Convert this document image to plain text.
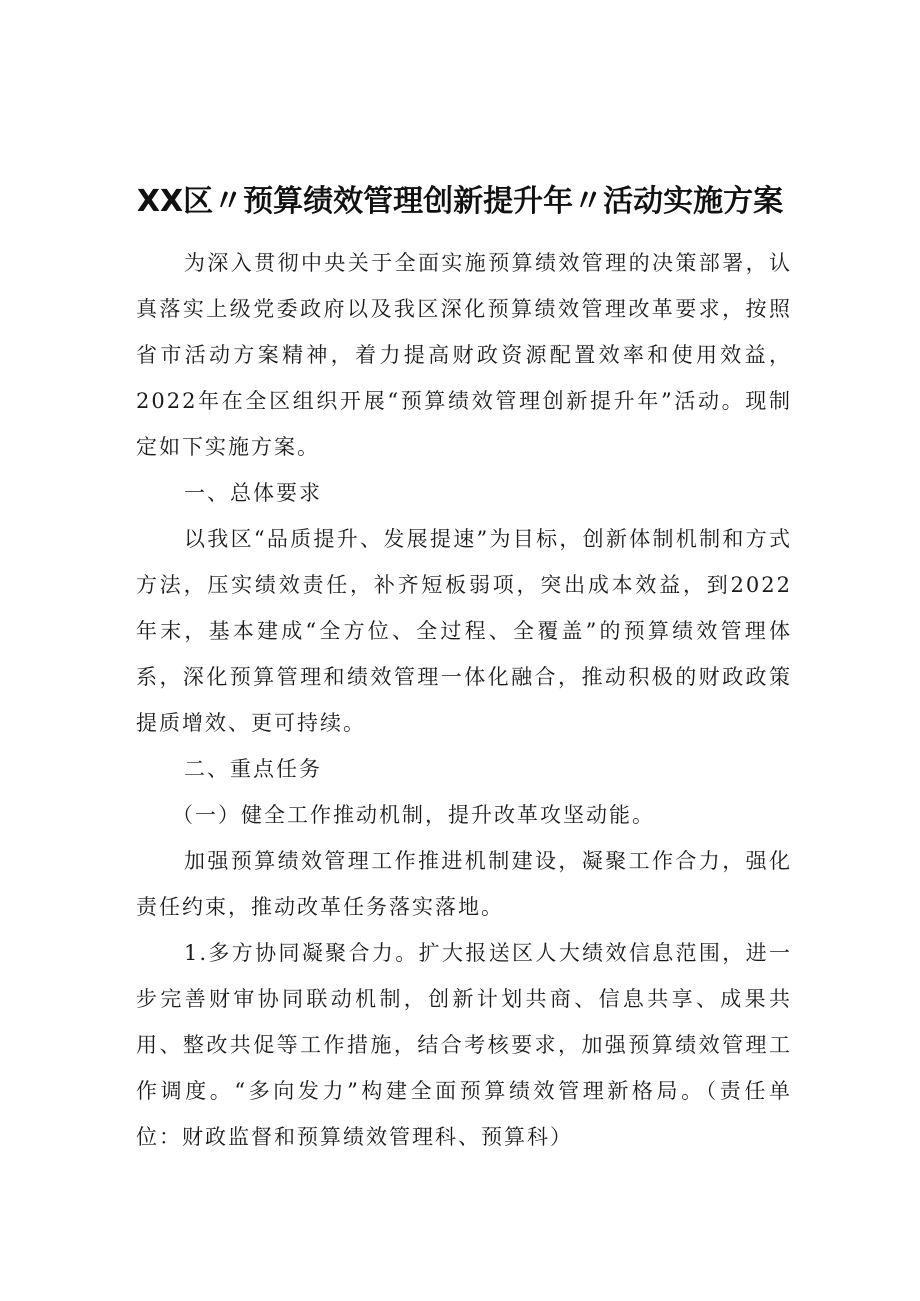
XX区〃预算绩效管理创新提升年〃活动实施方案

为深入贯彻中央关于全面实施预算绩效管理的决策部署，认真落实上级党委政府以及我区深化预算绩效管理改革要求，按照省市活动方案精神，着力提高财政资源配置效率和使用效益，2022年在全区组织开展“预算绩效管理创新提升年”活动。现制定如下实施方案。

一、总体要求

以我区“品质提升、发展提速”为目标，创新体制机制和方式方法，压实绩效责任，补齐短板弱项，突出成本效益，到2022年末，基本建成“全方位、全过程、全覆盖”的预算绩效管理体系，深化预算管理和绩效管理一体化融合，推动积极的财政政策提质增效、更可持续。

二、重点任务

（一）健全工作推动机制，提升改革攻坚动能。

加强预算绩效管理工作推进机制建设，凝聚工作合力，强化责任约束，推动改革任务落实落地。

1.多方协同凝聚合力。扩大报送区人大绩效信息范围，进一步完善财审协同联动机制，创新计划共商、信息共享、成果共用、整改共促等工作措施，结合考核要求，加强预算绩效管理工作调度。“多向发力”构建全面预算绩效管理新格局。（责任单位：财政监督和预算绩效管理科、预算科）
